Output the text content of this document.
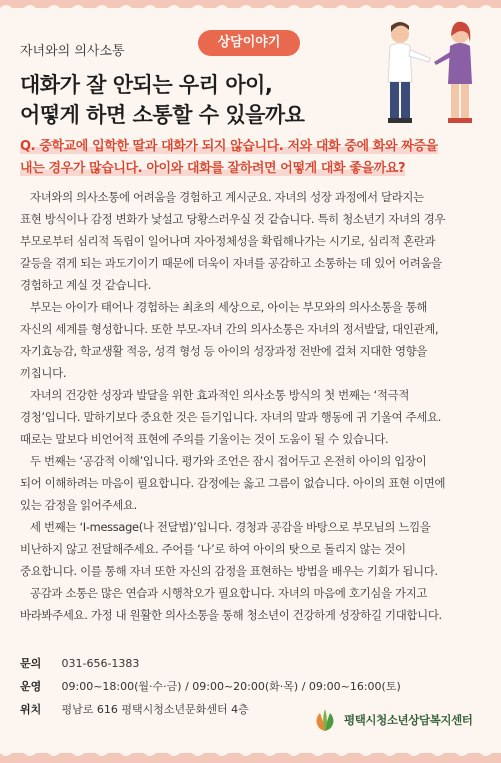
상담이야기
자녀와의 의사소통
대화가 잘 안되는 우리 아이,
어떻게 하면 소통할 수 있을까요
Q. 중학교에 입학한 딸과 대화가 되지 않습니다. 저와 대화 중에 화와 짜증을
내는 경우가 많습니다. 아이와 대화를 잘하려면 어떻게 대화 좋을까요?

자녀와의 의사소통에 어려움을 경험하고 계시군요. 자녀의 성장 과정에서 달라지는
표현 방식이나 감정 변화가 낯설고 당황스러우실 것 같습니다. 특히 청소년기 자녀의 경우
부모로부터 심리적 독립이 일어나며 자아정체성을 확립해나가는 시기로, 심리적 혼란과
갈등을 겪게 되는 과도기이기 때문에 더욱이 자녀를 공감하고 소통하는 데 있어 어려움을
경험하고 계실 것 같습니다.

부모는 아이가 태어나 경험하는 최초의 세상으로, 아이는 부모와의 의사소통을 통해
자신의 세계를 형성합니다. 또한 부모-자녀 간의 의사소통은 자녀의 정서발달, 대인관계,
자기효능감, 학교생활 적응, 성격 형성 등 아이의 성장과정 전반에 걸쳐 지대한 영향을
끼칩니다.

자녀의 건강한 성장과 발달을 위한 효과적인 의사소통 방식의 첫 번째는 ‘적극적
경청’입니다. 말하기보다 중요한 것은 듣기입니다. 자녀의 말과 행동에 귀 기울여 주세요.
때로는 말보다 비언어적 표현에 주의를 기울이는 것이 도움이 될 수 있습니다.

두 번째는 ‘공감적 이해’입니다. 평가와 조언은 잠시 접어두고 온전히 아이의 입장이
되어 이해하려는 마음이 필요합니다. 감정에는 옳고 그름이 없습니다. 아이의 표현 이면에
있는 감정을 읽어주세요.

세 번째는 ‘I-message(나 전달법)’입니다. 경청과 공감을 바탕으로 부모님의 느낌을
비난하지 않고 전달해주세요. 주어를 ‘나’로 하여 아이의 탓으로 돌리지 않는 것이
중요합니다. 이를 통해 자녀 또한 자신의 감정을 표현하는 방법을 배우는 기회가 됩니다.

공감과 소통은 많은 연습과 시행착오가 필요합니다. 자녀의 마음에 호기심을 가지고
바라봐주세요. 가정 내 원활한 의사소통을 통해 청소년이 건강하게 성장하길 기대합니다.

문의 031-656-1383
운영 09:00~18:00(월·수·금) / 09:00~20:00(화·목) / 09:00~16:00(토)
위치 평남로 616 평택시청소년문화센터 4층
평택시청소년상담복지센터
